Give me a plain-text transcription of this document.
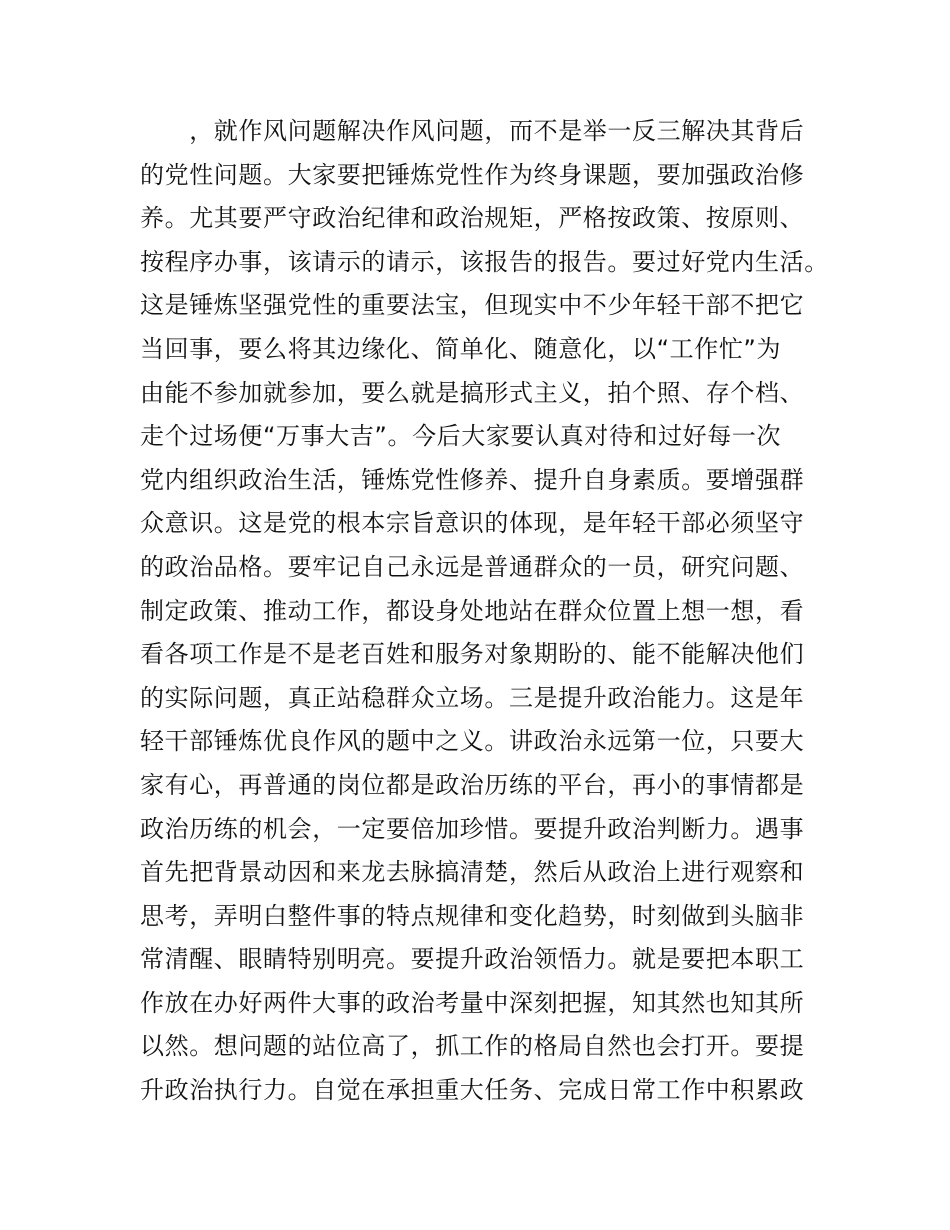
　　，就作风问题解决作风问题，而不是举一反三解决其背后
的党性问题。大家要把锤炼党性作为终身课题，要加强政治修
养。尤其要严守政治纪律和政治规矩，严格按政策、按原则、
按程序办事，该请示的请示，该报告的报告。要过好党内生活。
这是锤炼坚强党性的重要法宝，但现实中不少年轻干部不把它
当回事，要么将其边缘化、简单化、随意化，以“工作忙”为
由能不参加就参加，要么就是搞形式主义，拍个照、存个档、
走个过场便“万事大吉”。今后大家要认真对待和过好每一次
党内组织政治生活，锤炼党性修养、提升自身素质。要增强群
众意识。这是党的根本宗旨意识的体现，是年轻干部必须坚守
的政治品格。要牢记自己永远是普通群众的一员，研究问题、
制定政策、推动工作，都设身处地站在群众位置上想一想，看
看各项工作是不是老百姓和服务对象期盼的、能不能解决他们
的实际问题，真正站稳群众立场。三是提升政治能力。这是年
轻干部锤炼优良作风的题中之义。讲政治永远第一位，只要大
家有心，再普通的岗位都是政治历练的平台，再小的事情都是
政治历练的机会，一定要倍加珍惜。要提升政治判断力。遇事
首先把背景动因和来龙去脉搞清楚，然后从政治上进行观察和
思考，弄明白整件事的特点规律和变化趋势，时刻做到头脑非
常清醒、眼睛特别明亮。要提升政治领悟力。就是要把本职工
作放在办好两件大事的政治考量中深刻把握，知其然也知其所
以然。想问题的站位高了，抓工作的格局自然也会打开。要提
升政治执行力。自觉在承担重大任务、完成日常工作中积累政
